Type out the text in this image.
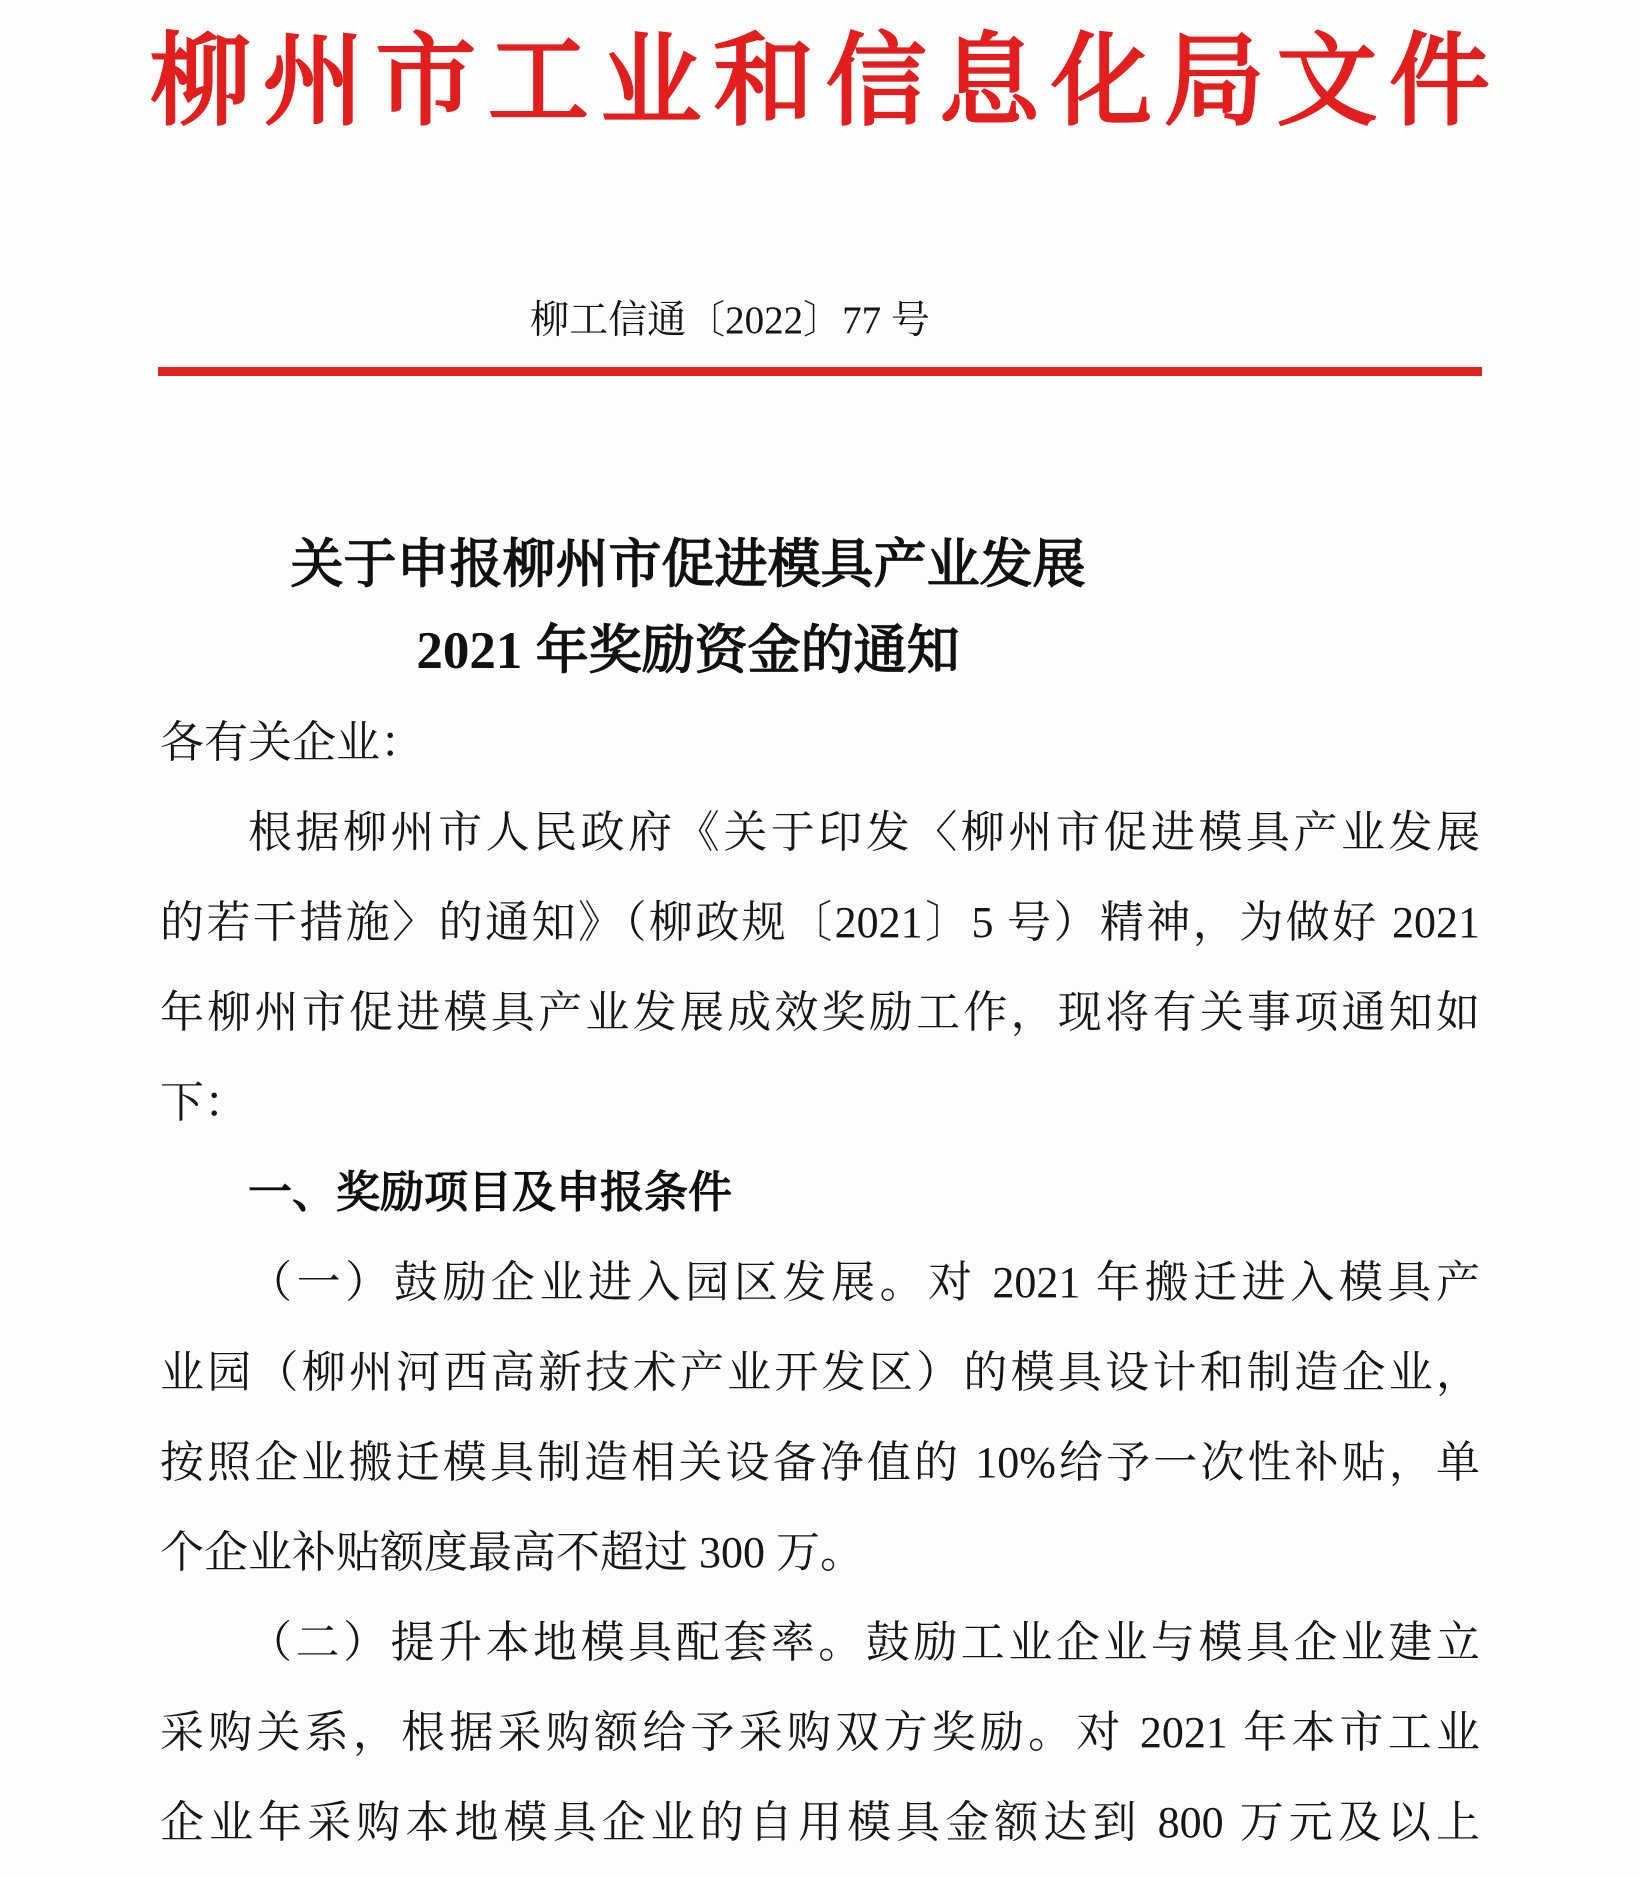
柳州市工业和信息化局文件
柳工信通〔2022〕77 号
关于申报柳州市促进模具产业发展
2021 年奖励资金的通知
各有关企业：
根据柳州市人民政府《关于印发〈柳州市促进模具产业发展
的若干措施〉的通知》（柳政规〔2021〕5 号）精神，为做好 2021
年柳州市促进模具产业发展成效奖励工作，现将有关事项通知如
下：
一、奖励项目及申报条件
（一）鼓励企业进入园区发展。对 2021 年搬迁进入模具产
业园（柳州河西高新技术产业开发区）的模具设计和制造企业，
按照企业搬迁模具制造相关设备净值的 10%给予一次性补贴，单
个企业补贴额度最高不超过 300 万。
（二）提升本地模具配套率。鼓励工业企业与模具企业建立
采购关系，根据采购额给予采购双方奖励。对 2021 年本市工业
企业年采购本地模具企业的自用模具金额达到 800 万元及以上
